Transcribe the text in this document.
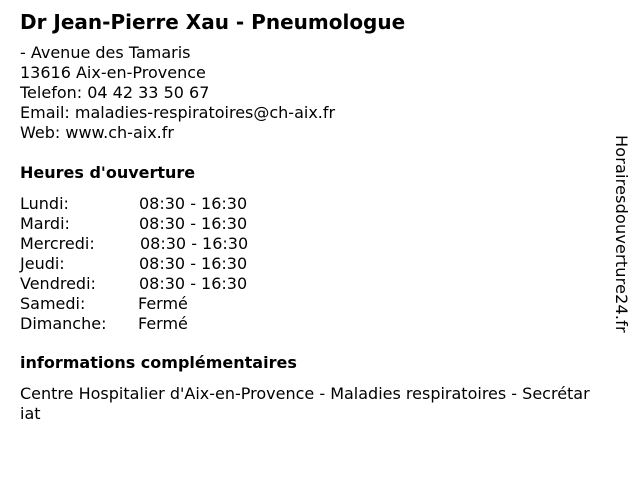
Dr Jean-Pierre Xau - Pneumologue
- Avenue des Tamaris
13616 Aix-en-Provence
Telefon: 04 42 33 50 67
Email: maladies-respiratoires@ch-aix.fr
Web: www.ch-aix.fr
Heures d'ouverture
Lundi:	08:30 - 16:30
Mardi:	08:30 - 16:30
Mercredi:	08:30 - 16:30
Jeudi:	08:30 - 16:30
Vendredi:	08:30 - 16:30
Samedi:	Fermé
Dimanche: Fermé
informations complémentaires
Centre Hospitalier d'Aix-en-Provence - Maladies respiratoires - Secrétariat
Horairesdouverture24.fr
